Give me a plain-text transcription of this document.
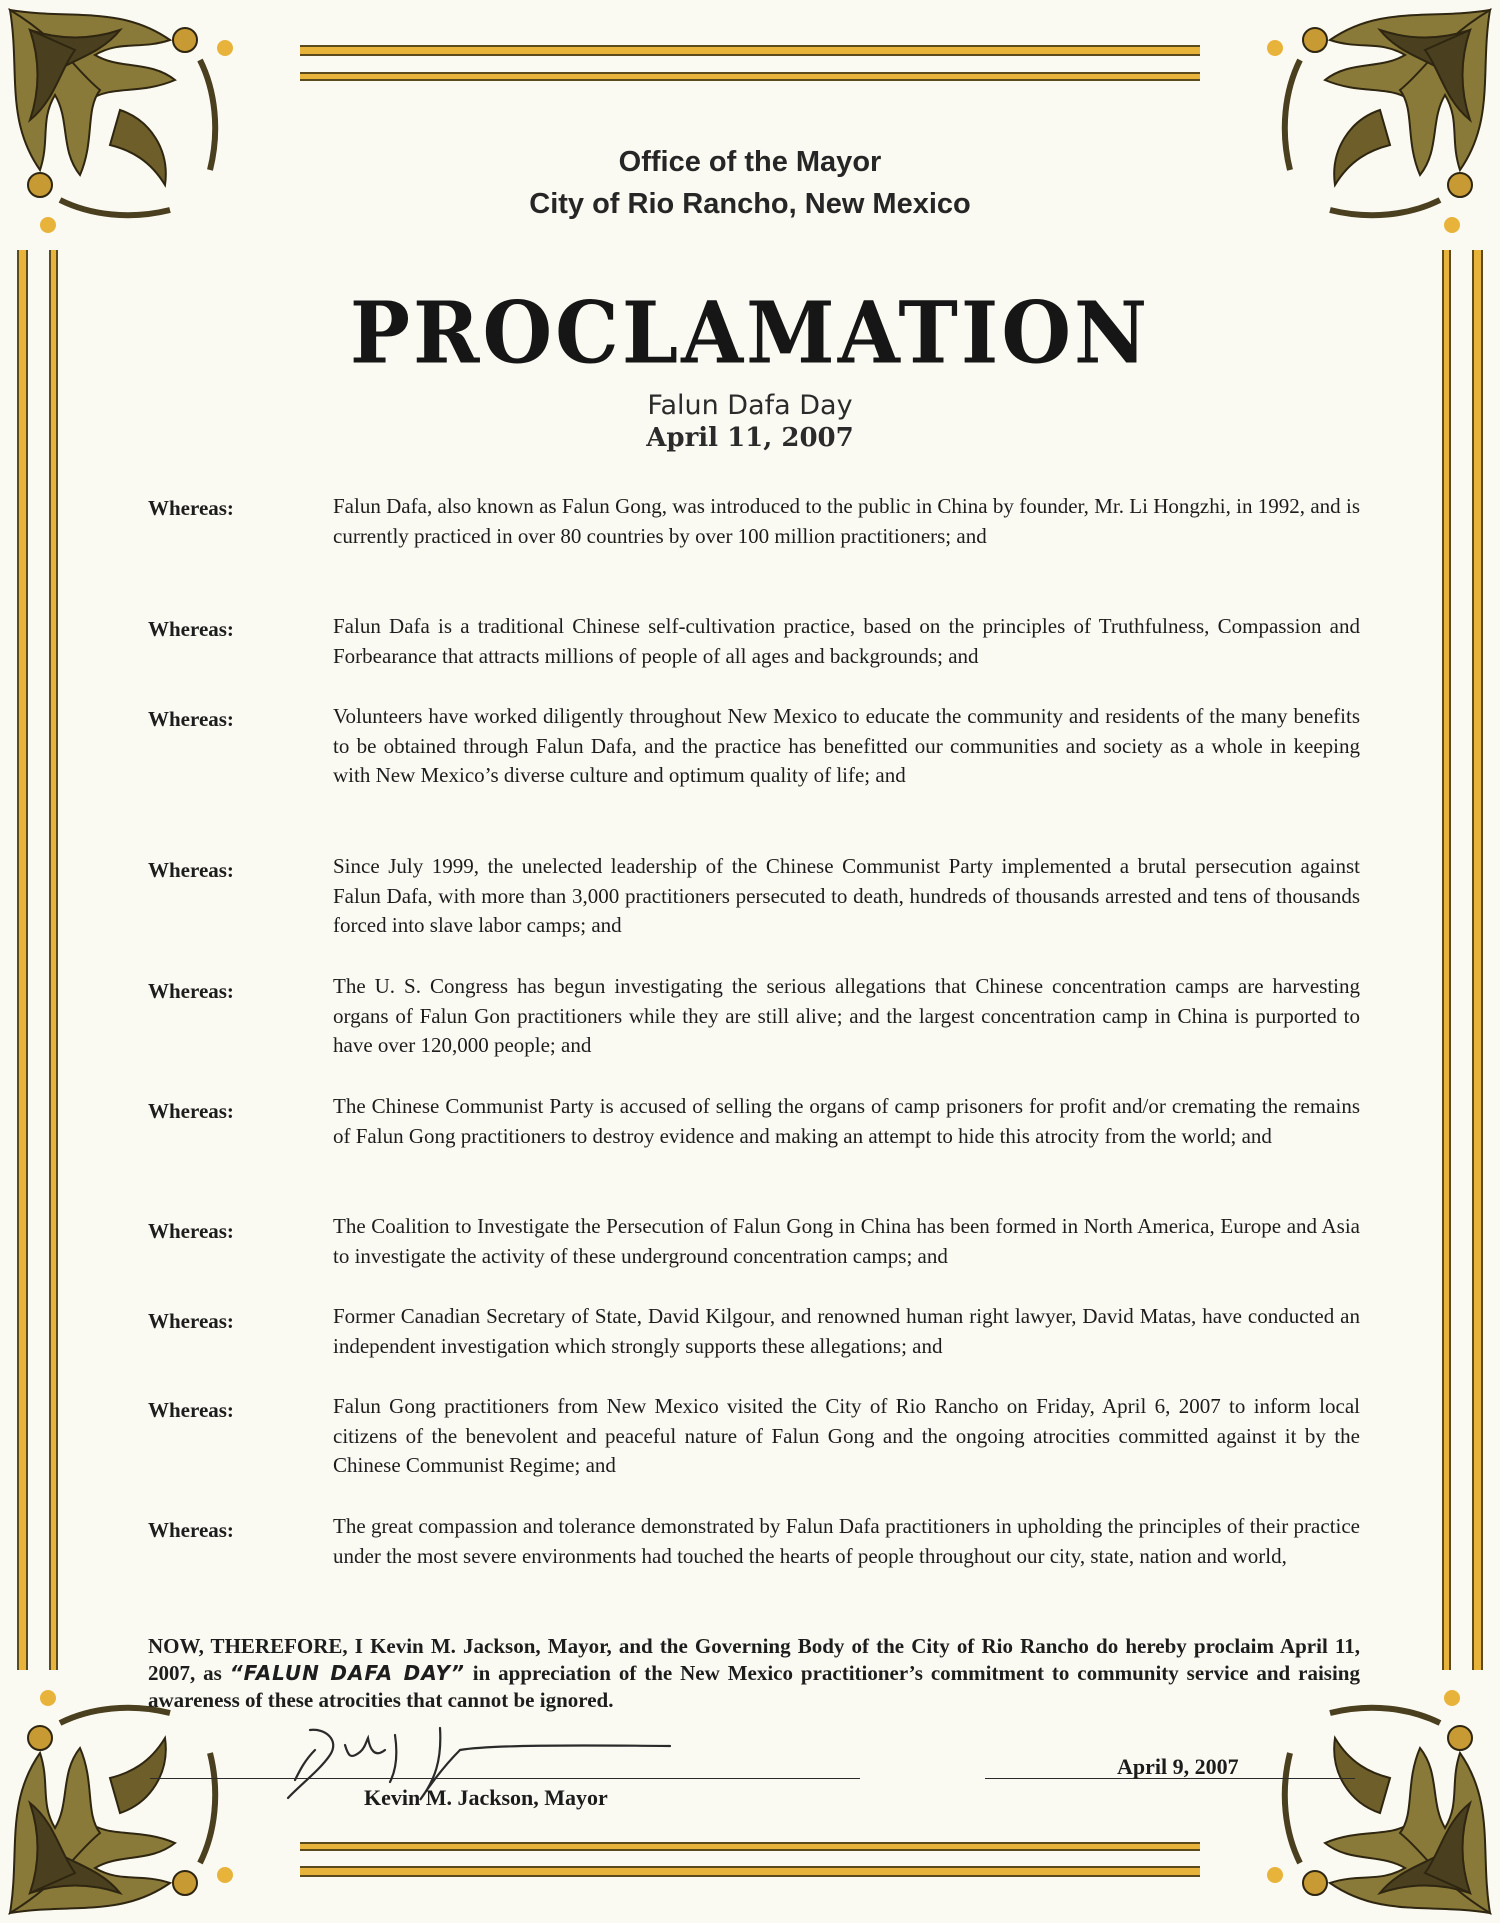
Office of the Mayor
City of Rio Rancho, New Mexico
PROCLAMATION
Falun Dafa Day
April 11, 2007
Whereas:	Falun Dafa, also known as Falun Gong, was introduced to the public in China by founder, Mr. Li Hongzhi, in 1992, and is currently practiced in over 80 countries by over 100 million practitioners; and
Whereas:	Falun Dafa is a traditional Chinese self-cultivation practice, based on the principles of Truthfulness, Compassion and Forbearance that attracts millions of people of all ages and backgrounds; and
Whereas:	Volunteers have worked diligently throughout New Mexico to educate the community and residents of the many benefits to be obtained through Falun Dafa, and the practice has benefitted our communities and society as a whole in keeping with New Mexico’s diverse culture and optimum quality of life; and
Whereas:	Since July 1999, the unelected leadership of the Chinese Communist Party implemented a brutal persecution against Falun Dafa, with more than 3,000 practitioners persecuted to death, hundreds of thousands arrested and tens of thousands forced into slave labor camps; and
Whereas:	The U. S. Congress has begun investigating the serious allegations that Chinese concentration camps are harvesting organs of Falun Gon practitioners while they are still alive; and the largest concentration camp in China is purported to have over 120,000 people; and
Whereas:	The Chinese Communist Party is accused of selling the organs of camp prisoners for profit and/or cremating the remains of Falun Gong practitioners to destroy evidence and making an attempt to hide this atrocity from the world; and
Whereas:	The Coalition to Investigate the Persecution of Falun Gong in China has been formed in North America, Europe and Asia to investigate the activity of these underground concentration camps; and
Whereas:	Former Canadian Secretary of State, David Kilgour, and renowned human right lawyer, David Matas, have conducted an independent investigation which strongly supports these allegations; and
Whereas:	Falun Gong practitioners from New Mexico visited the City of Rio Rancho on Friday, April 6, 2007 to inform local citizens of the benevolent and peaceful nature of Falun Gong and the ongoing atrocities committed against it by the Chinese Communist Regime; and
Whereas:	The great compassion and tolerance demonstrated by Falun Dafa practitioners in upholding the principles of their practice under the most severe environments had touched the hearts of people throughout our city, state, nation and world,
NOW, THEREFORE, I Kevin M. Jackson, Mayor, and the Governing Body of the City of Rio Rancho do hereby proclaim April 11, 2007, as “FALUN DAFA DAY” in appreciation of the New Mexico practitioner’s commitment to community service and raising awareness of these atrocities that cannot be ignored.
Kevin M. Jackson, Mayor
April 9, 2007
